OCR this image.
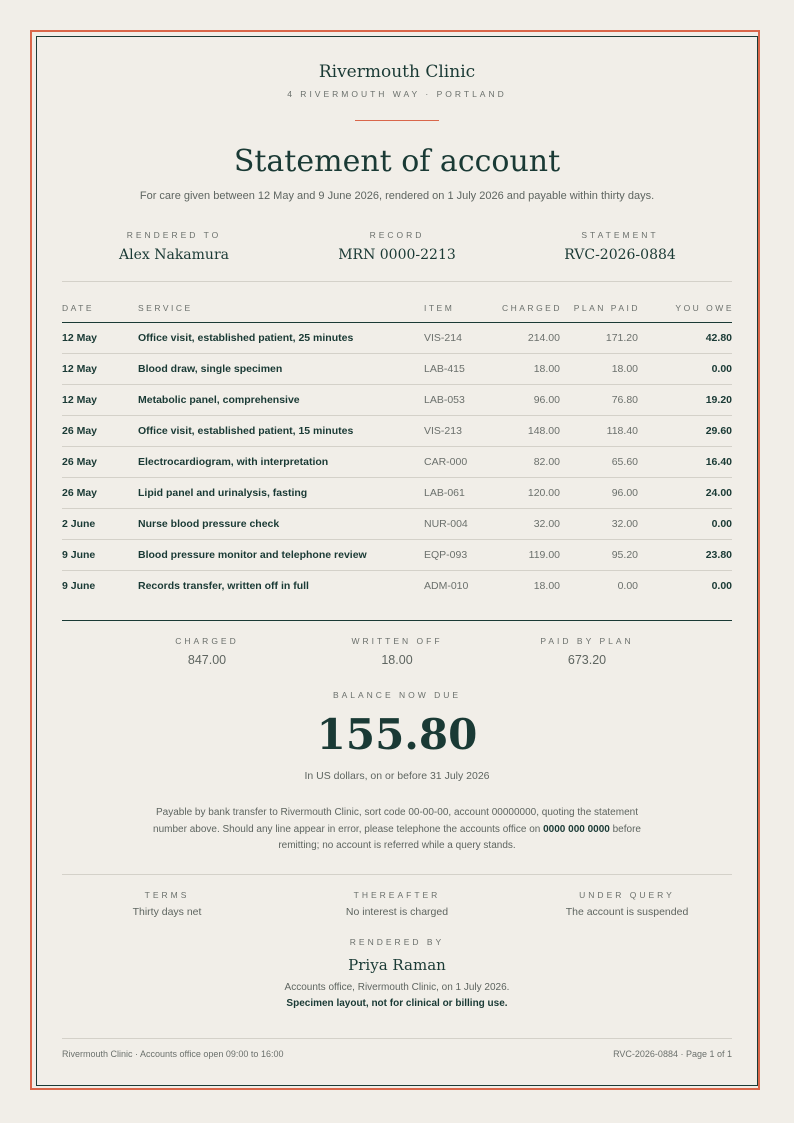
Rivermouth Clinic
4 RIVERMOUTH WAY · PORTLAND
Statement of account
For care given between 12 May and 9 June 2026, rendered on 1 July 2026 and payable within thirty days.
RENDERED TO
Alex Nakamura
RECORD
MRN 0000-2213
STATEMENT
RVC-2026-0884
DATE	SERVICE	ITEM	CHARGED	PLAN PAID	YOU OWE
12 May	Office visit, established patient, 25 minutes	VIS-214	214.00	171.20	42.80
12 May	Blood draw, single specimen	LAB-415	18.00	18.00	0.00
12 May	Metabolic panel, comprehensive	LAB-053	96.00	76.80	19.20
26 May	Office visit, established patient, 15 minutes	VIS-213	148.00	118.40	29.60
26 May	Electrocardiogram, with interpretation	CAR-000	82.00	65.60	16.40
26 May	Lipid panel and urinalysis, fasting	LAB-061	120.00	96.00	24.00
2 June	Nurse blood pressure check	NUR-004	32.00	32.00	0.00
9 June	Blood pressure monitor and telephone review	EQP-093	119.00	95.20	23.80
9 June	Records transfer, written off in full	ADM-010	18.00	0.00	0.00
CHARGED
847.00
WRITTEN OFF
18.00
PAID BY PLAN
673.20
BALANCE NOW DUE
155.80
In US dollars, on or before 31 July 2026
Payable by bank transfer to Rivermouth Clinic, sort code 00-00-00, account 00000000, quoting the statement number above. Should any line appear in error, please telephone the accounts office on 0000 000 0000 before remitting; no account is referred while a query stands.
TERMS
Thirty days net
THEREAFTER
No interest is charged
UNDER QUERY
The account is suspended
RENDERED BY
Priya Raman
Accounts office, Rivermouth Clinic, on 1 July 2026.
Specimen layout, not for clinical or billing use.
Rivermouth Clinic · Accounts office open 09:00 to 16:00	RVC-2026-0884 · Page 1 of 1
